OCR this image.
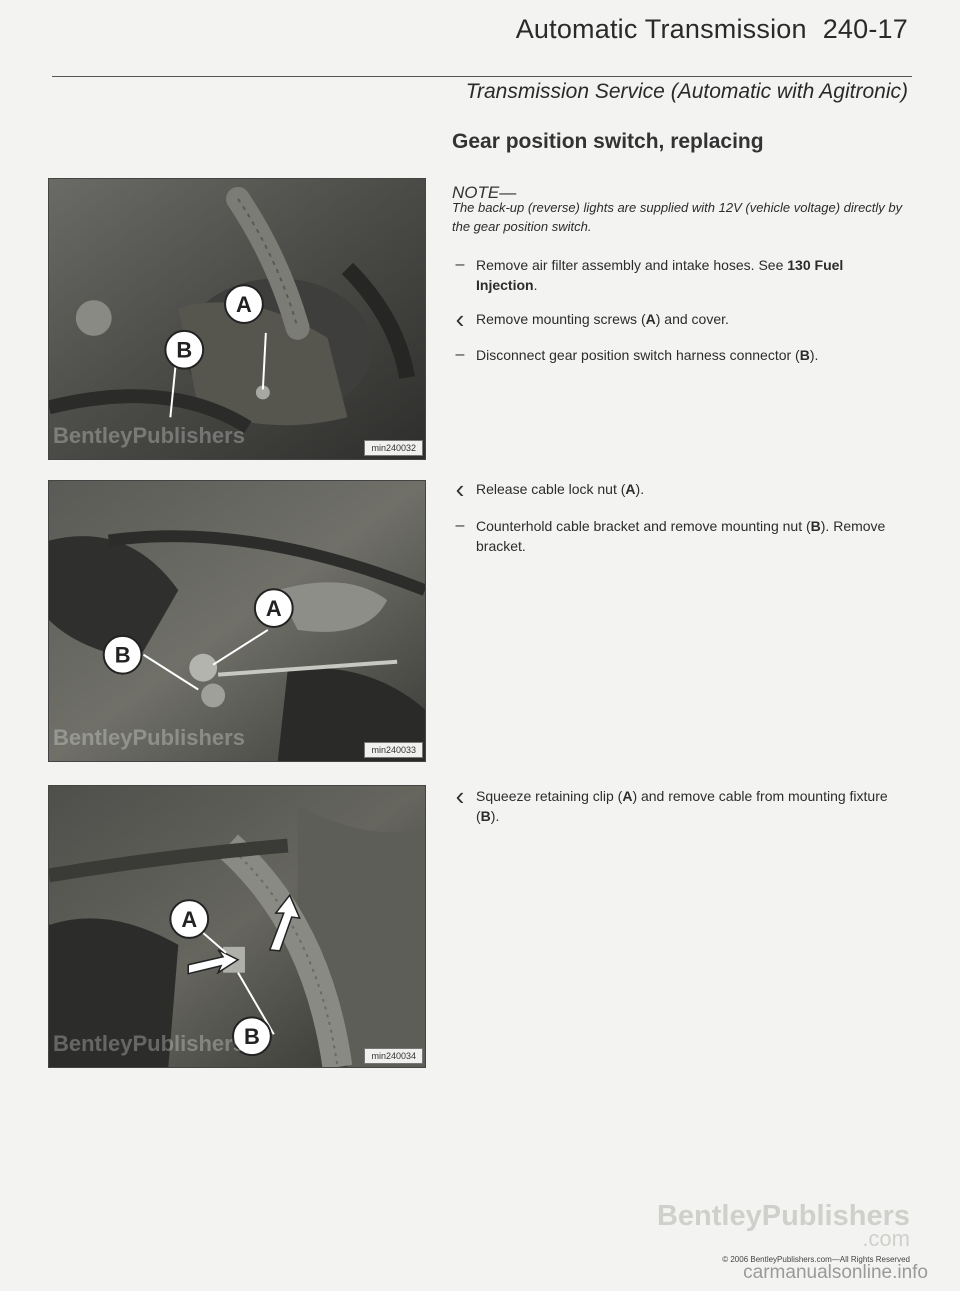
Automatic Transmission 240-17
Transmission Service (Automatic with Agitronic)
Gear position switch, replacing
NOTE—
The back-up (reverse) lights are supplied with 12V (vehicle voltage) directly by the gear position switch.
– Remove air filter assembly and intake hoses. See 130 Fuel Injection.
‹ Remove mounting screws (A) and cover.
– Disconnect gear position switch harness connector (B).
‹ Release cable lock nut (A).
– Counterhold cable bracket and remove mounting nut (B). Remove bracket.
‹ Squeeze retaining clip (A) and remove cable from mounting fixture (B).
A
B
BentleyPublishers	min240032
A
B
BentleyPublishers	min240033
A
B
BentleyPublishers	min240034
BentleyPublishers
.com
© 2006 BentleyPublishers.com—All Rights Reserved
carmanualsonline.info
